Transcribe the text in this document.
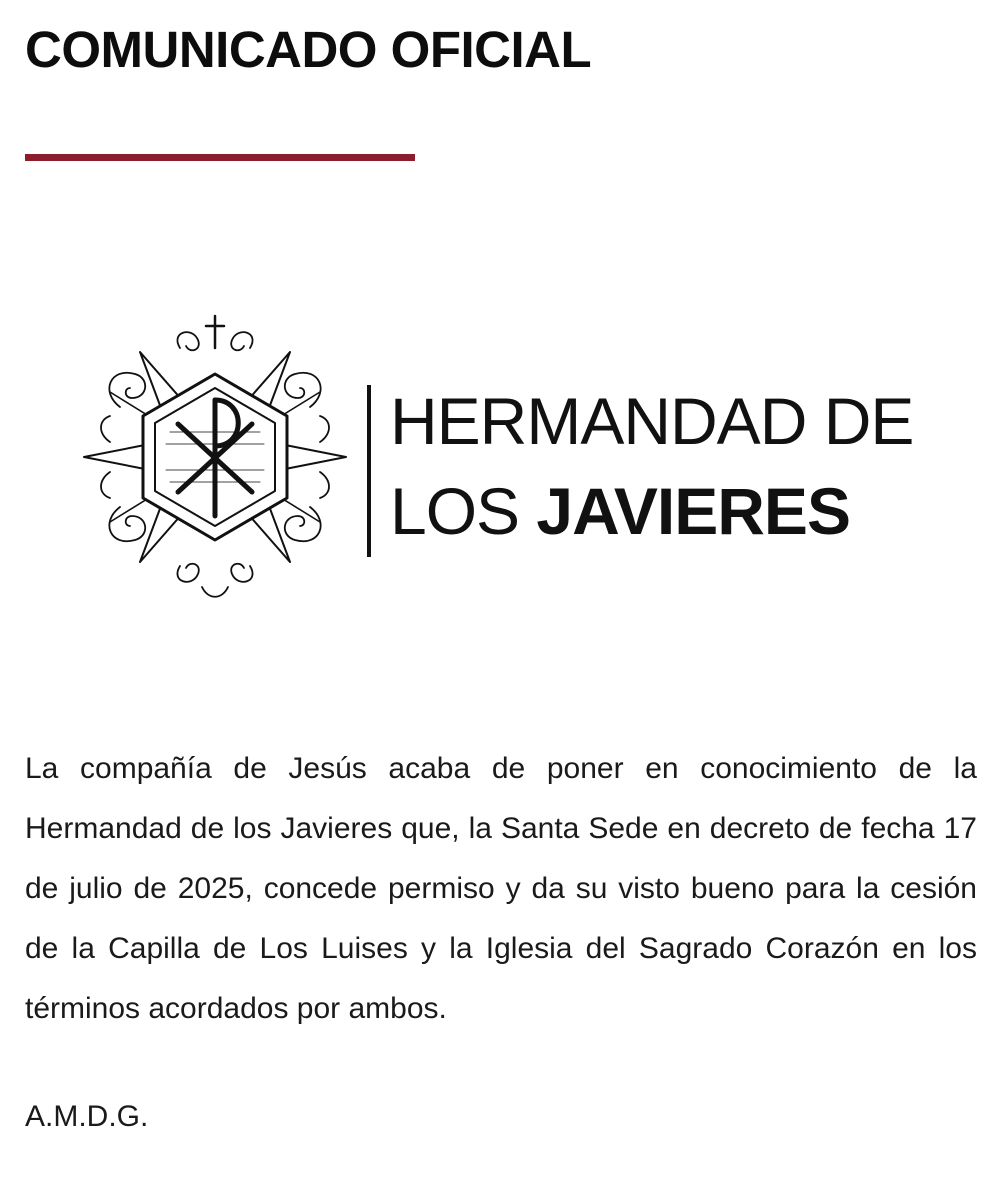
COMUNICADO OFICIAL

HERMANDAD DE

LOS JAVIERES

La compañía de Jesús acaba de poner en conocimiento de la Hermandad de los Javieres que, la Santa Sede en decreto de fecha 17 de julio de 2025, concede permiso y da su visto bueno para la cesión de la Capilla de Los Luises y la Iglesia del Sagrado Corazón en los términos acordados por ambos.

A.M.D.G.
